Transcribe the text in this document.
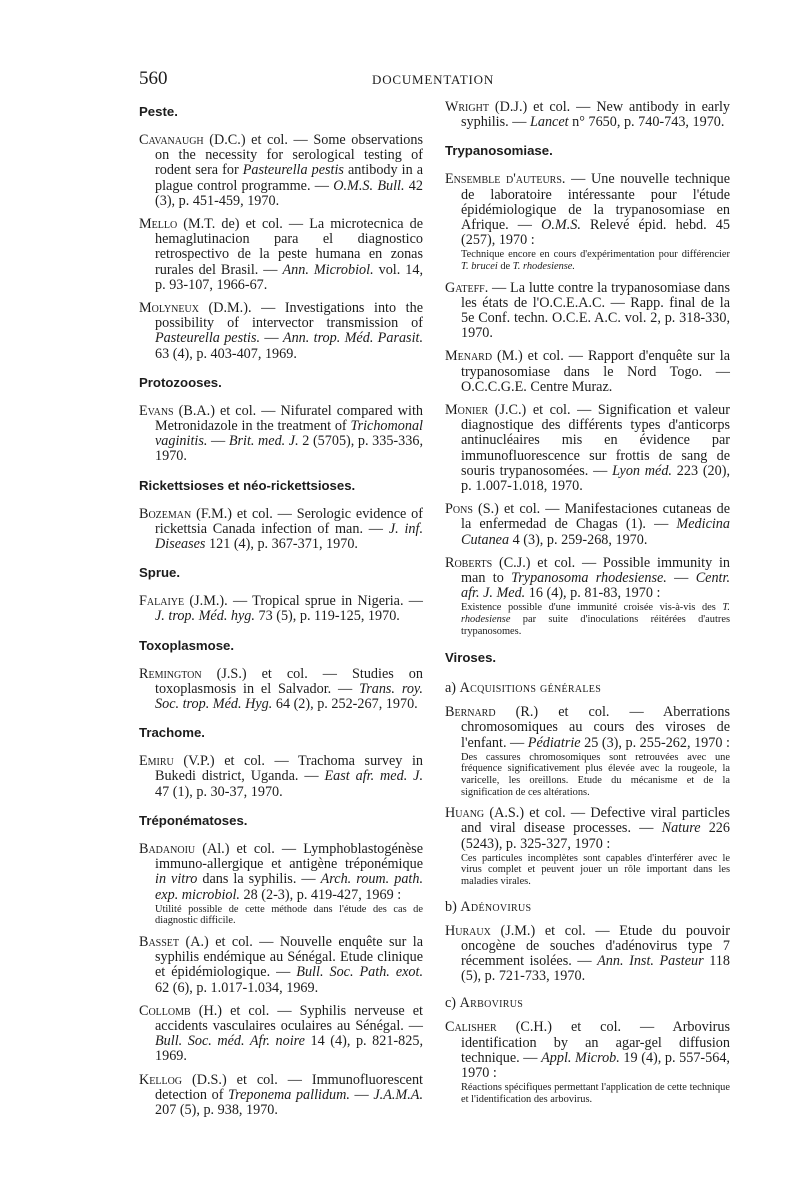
560	DOCUMENTATION
Peste.
Cavanaugh (D.C.) et col. — Some observations on the necessity for serological testing of rodent sera for Pasteurella pestis antibody in a plague control programme. — O.M.S. Bull. 42 (3), p. 451-459, 1970.
Mello (M.T. de) et col. — La microtecnica de hemaglutinacion para el diagnostico retrospectivo de la peste humana en zonas rurales del Brasil. — Ann. Microbiol. vol. 14, p. 93-107, 1966-67.
Molyneux (D.M.). — Investigations into the possibility of intervector transmission of Pasteurella pestis. — Ann. trop. Méd. Parasit. 63 (4), p. 403-407, 1969.
Protozooses.
Evans (B.A.) et col. — Nifuratel compared with Metronidazole in the treatment of Trichomonal vaginitis. — Brit. med. J. 2 (5705), p. 335-336, 1970.
Rickettsioses et néo-rickettsioses.
Bozeman (F.M.) et col. — Serologic evidence of rickettsia Canada infection of man. — J. inf. Diseases 121 (4), p. 367-371, 1970.
Sprue.
Falaiye (J.M.). — Tropical sprue in Nigeria. — J. trop. Méd. hyg. 73 (5), p. 119-125, 1970.
Toxoplasmose.
Remington (J.S.) et col. — Studies on toxoplasmosis in el Salvador. — Trans. roy. Soc. trop. Méd. Hyg. 64 (2), p. 252-267, 1970.
Trachome.
Emiru (V.P.) et col. — Trachoma survey in Bukedi district, Uganda. — East afr. med. J. 47 (1), p. 30-37, 1970.
Tréponématoses.
Badanoiu (Al.) et col. — Lymphoblastogénèse immuno-allergique et antigène tréponémique in vitro dans la syphilis. — Arch. roum. path. exp. microbiol. 28 (2-3), p. 419-427, 1969 :
Utilité possible de cette méthode dans l'étude des cas de diagnostic difficile.
Basset (A.) et col. — Nouvelle enquête sur la syphilis endémique au Sénégal. Etude clinique et épidémiologique. — Bull. Soc. Path. exot. 62 (6), p. 1.017-1.034, 1969.
Collomb (H.) et col. — Syphilis nerveuse et accidents vasculaires oculaires au Sénégal. — Bull. Soc. méd. Afr. noire 14 (4), p. 821-825, 1969.
Kellog (D.S.) et col. — Immunofluorescent detection of Treponema pallidum. — J.A.M.A. 207 (5), p. 938, 1970.
Wright (D.J.) et col. — New antibody in early syphilis. — Lancet n° 7650, p. 740-743, 1970.
Trypanosomiase.
Ensemble d'auteurs. — Une nouvelle technique de laboratoire intéressante pour l'étude épidémiologique de la trypanosomiase en Afrique. — O.M.S. Relevé épid. hebd. 45 (257), 1970 :
Technique encore en cours d'expérimentation pour différencier T. brucei de T. rhodesiense.
Gateff. — La lutte contre la trypanosomiase dans les états de l'O.C.E.A.C. — Rapp. final de la 5e Conf. techn. O.C.E. A.C. vol. 2, p. 318-330, 1970.
Menard (M.) et col. — Rapport d'enquête sur la trypanosomiase dans le Nord Togo. — O.C.C.G.E. Centre Muraz.
Monier (J.C.) et col. — Signification et valeur diagnostique des différents types d'anticorps antinucléaires mis en évidence par immunofluorescence sur frottis de sang de souris trypanosomées. — Lyon méd. 223 (20), p. 1.007-1.018, 1970.
Pons (S.) et col. — Manifestaciones cutaneas de la enfermedad de Chagas (1). — Medicina Cutanea 4 (3), p. 259-268, 1970.
Roberts (C.J.) et col. — Possible immunity in man to Trypanosoma rhodesiense. — Centr. afr. J. Med. 16 (4), p. 81-83, 1970 :
Existence possible d'une immunité croisée vis-à-vis des T. rhodesiense par suite d'inoculations réitérées d'autres trypanosomes.
Viroses.
a) Acquisitions générales
Bernard (R.) et col. — Aberrations chromosomiques au cours des viroses de l'enfant. — Pédiatrie 25 (3), p. 255-262, 1970 :
Des cassures chromosomiques sont retrouvées avec une fréquence significativement plus élevée avec la rougeole, la varicelle, les oreillons. Etude du mécanisme et de la signification de ces altérations.
Huang (A.S.) et col. — Defective viral particles and viral disease processes. — Nature 226 (5243), p. 325-327, 1970 :
Ces particules incomplètes sont capables d'interférer avec le virus complet et peuvent jouer un rôle important dans les maladies virales.
b) Adénovirus
Huraux (J.M.) et col. — Etude du pouvoir oncogène de souches d'adénovirus type 7 récemment isolées. — Ann. Inst. Pasteur 118 (5), p. 721-733, 1970.
c) Arbovirus
Calisher (C.H.) et col. — Arbovirus identification by an agar-gel diffusion technique. — Appl. Microb. 19 (4), p. 557-564, 1970 :
Réactions spécifiques permettant l'application de cette technique et l'identification des arbovirus.
